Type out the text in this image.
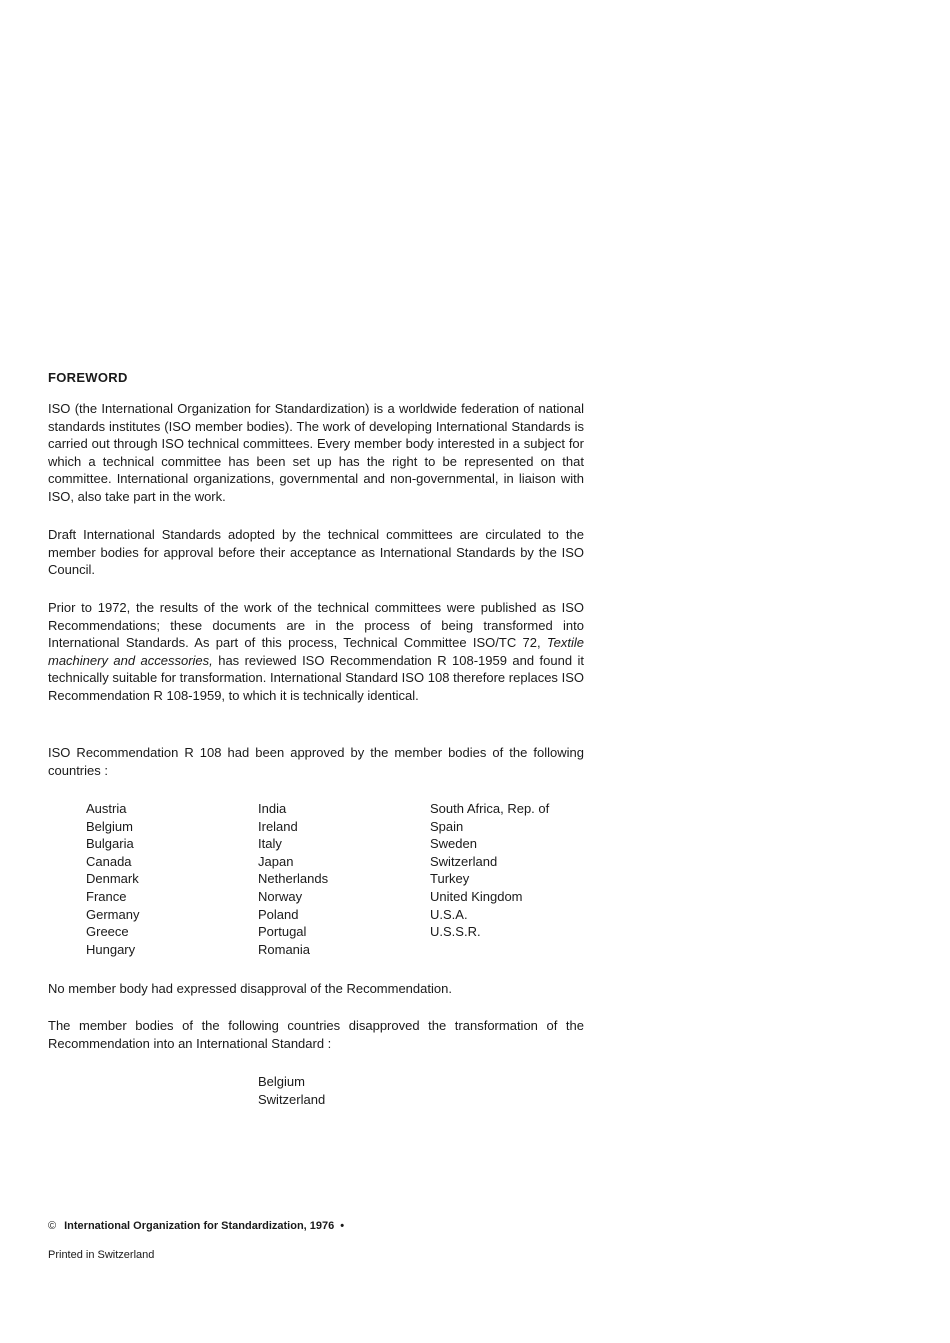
FOREWORD

ISO (the International Organization for Standardization) is a worldwide federation of national standards institutes (ISO member bodies). The work of developing International Standards is carried out through ISO technical committees. Every member body interested in a subject for which a technical committee has been set up has the right to be represented on that committee. International organizations, governmental and non-governmental, in liaison with ISO, also take part in the work.

Draft International Standards adopted by the technical committees are circulated to the member bodies for approval before their acceptance as International Standards by the ISO Council.

Prior to 1972, the results of the work of the technical committees were published as ISO Recommendations; these documents are in the process of being transformed into International Standards. As part of this process, Technical Committee ISO/TC 72, Textile machinery and accessories, has reviewed ISO Recommendation R 108-1959 and found it technically suitable for transformation. International Standard ISO 108 therefore replaces ISO Recommendation R 108-1959, to which it is technically identical.

ISO Recommendation R 108 had been approved by the member bodies of the following countries :

Austria
Belgium
Bulgaria
Canada
Denmark
France
Germany
Greece
Hungary
India
Ireland
Italy
Japan
Netherlands
Norway
Poland
Portugal
Romania
South Africa, Rep. of
Spain
Sweden
Switzerland
Turkey
United Kingdom
U.S.A.
U.S.S.R.

No member body had expressed disapproval of the Recommendation.

The member bodies of the following countries disapproved the transformation of the Recommendation into an International Standard :

Belgium
Switzerland
© International Organization for Standardization, 1976 •
Printed in Switzerland
